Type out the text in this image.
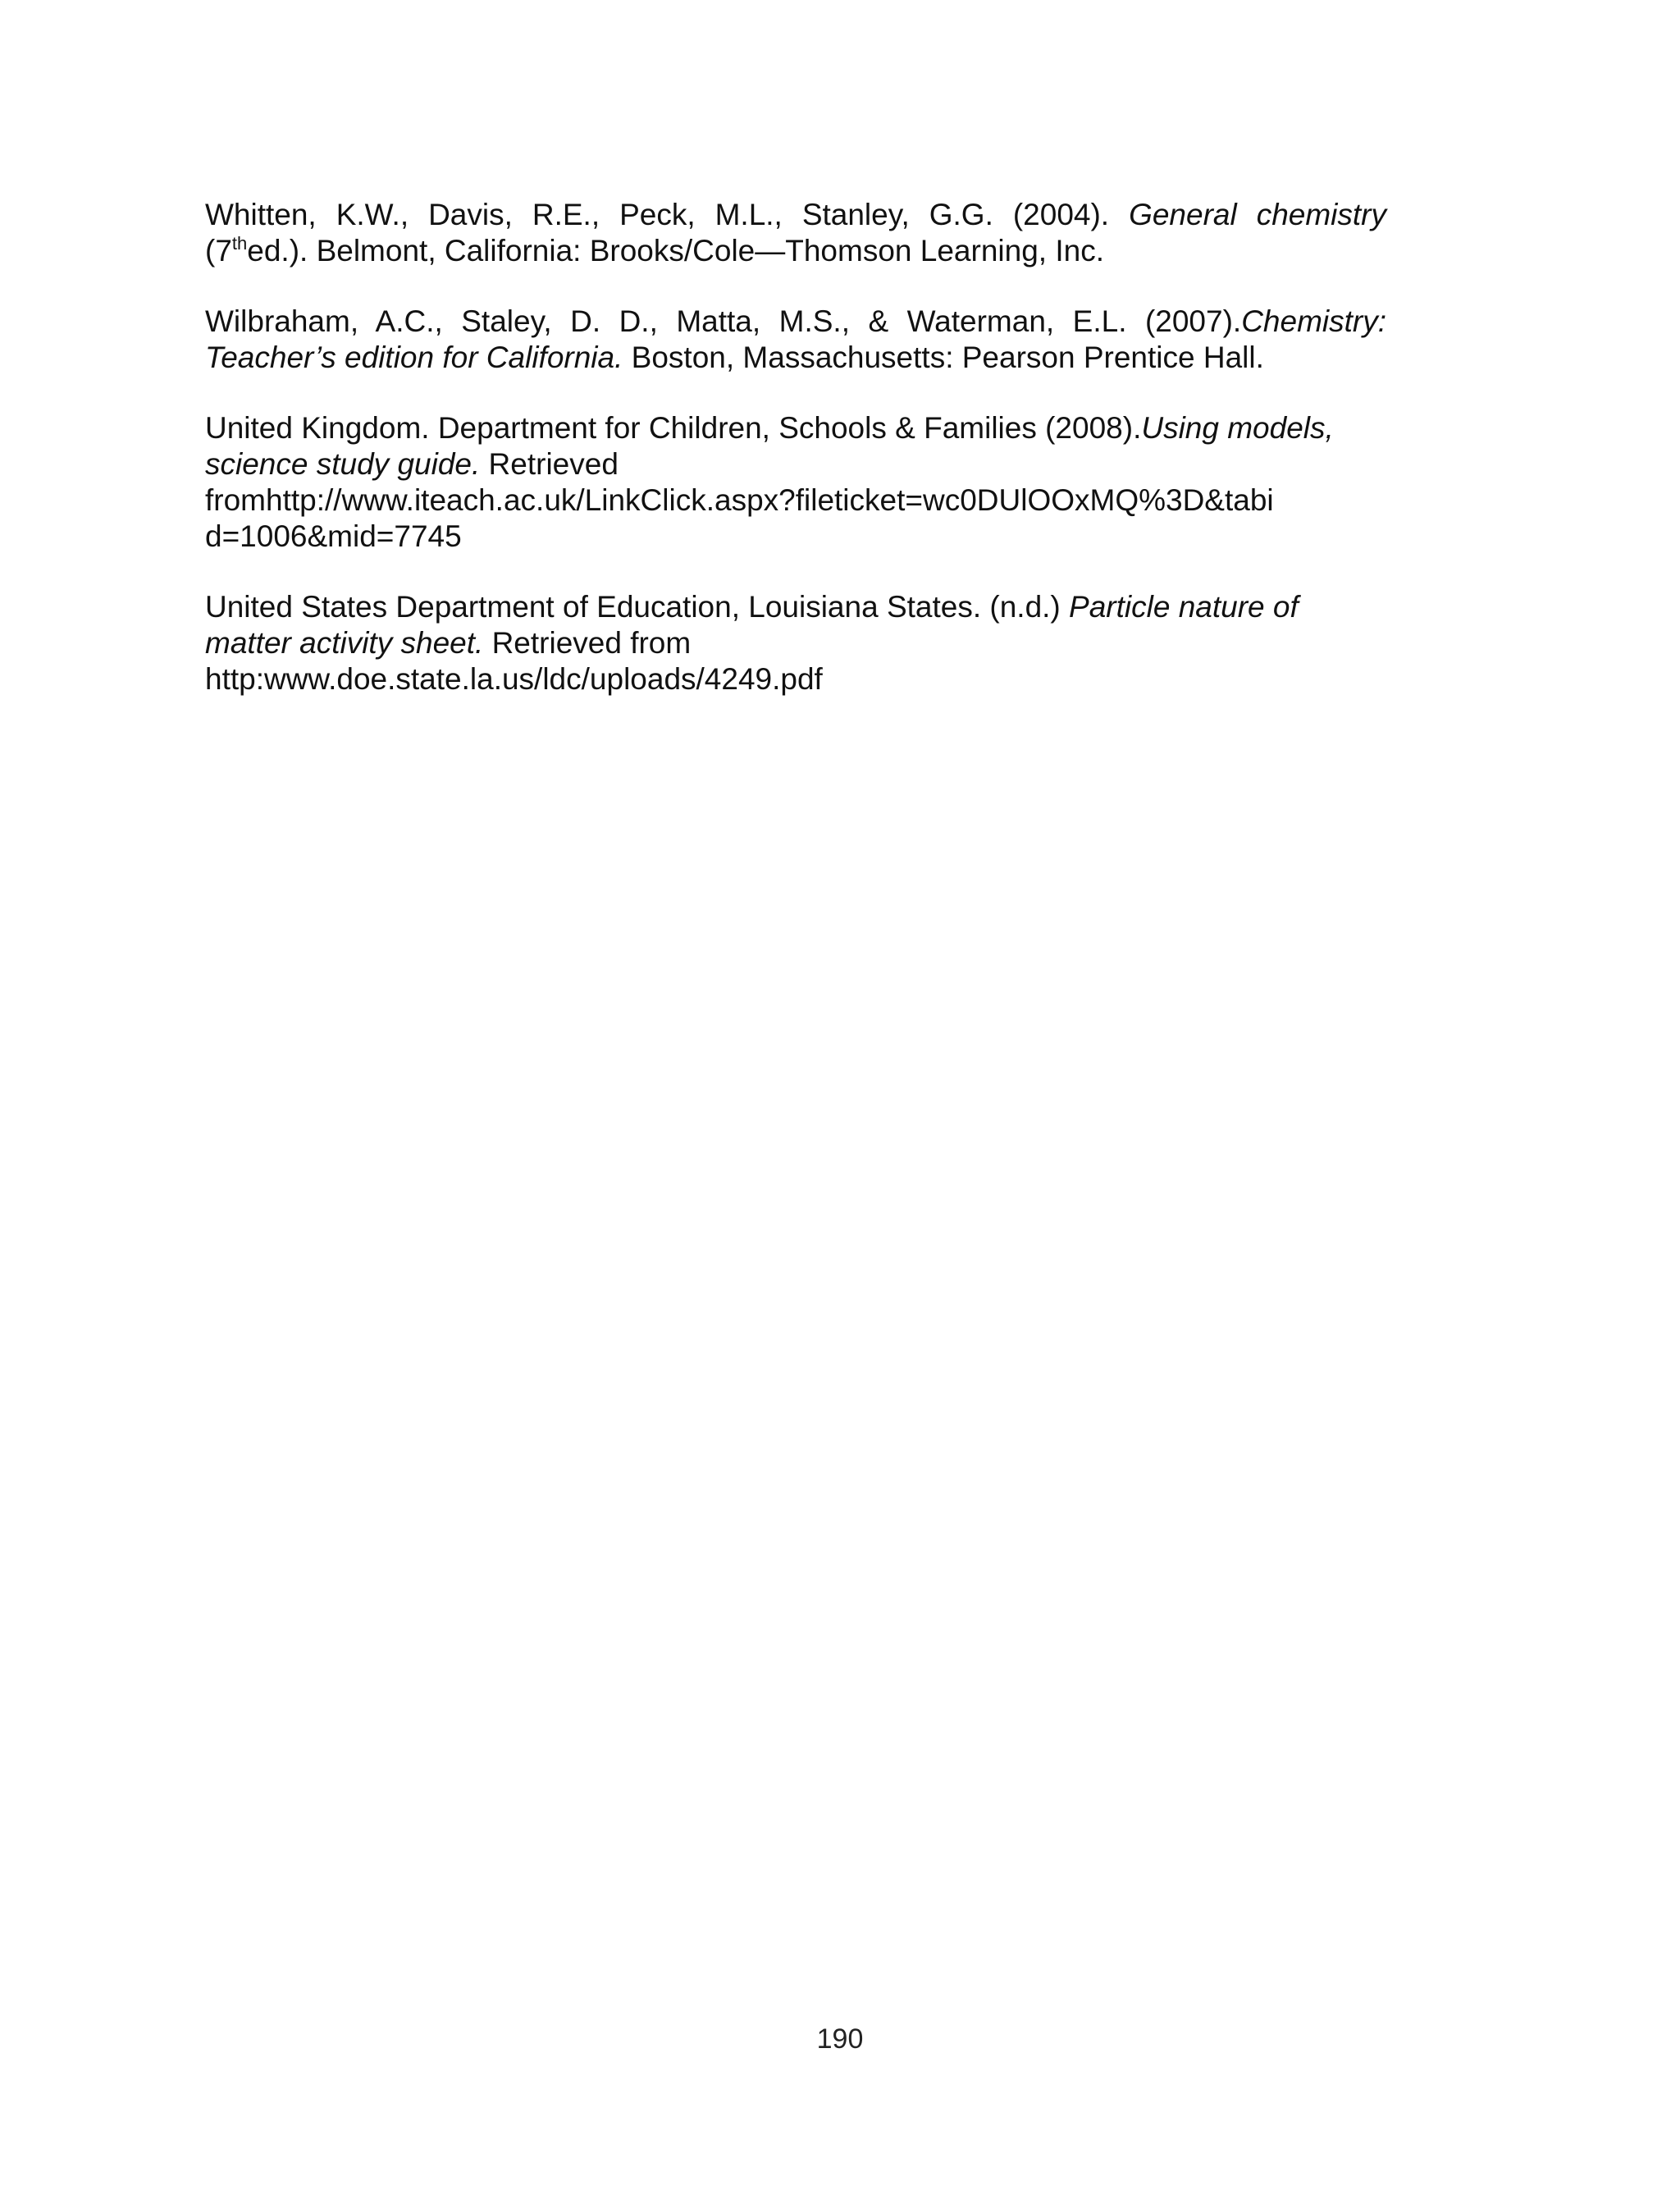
Whitten, K.W., Davis, R.E., Peck, M.L., Stanley, G.G. (2004). General chemistry
(7thed.). Belmont, California: Brooks/Cole—Thomson Learning, Inc.
Wilbraham, A.C., Staley, D. D., Matta, M.S., & Waterman, E.L. (2007).Chemistry:
Teacher’s edition for California. Boston, Massachusetts: Pearson Prentice Hall.
United Kingdom. Department for Children, Schools & Families (2008).Using models,
science study guide. Retrieved
fromhttp://www.iteach.ac.uk/LinkClick.aspx?fileticket=wc0DUlOOxMQ%3D&tabi
d=1006&mid=7745
United States Department of Education, Louisiana States. (n.d.) Particle nature of
matter activity sheet. Retrieved from
http:www.doe.state.la.us/ldc/uploads/4249.pdf
190
